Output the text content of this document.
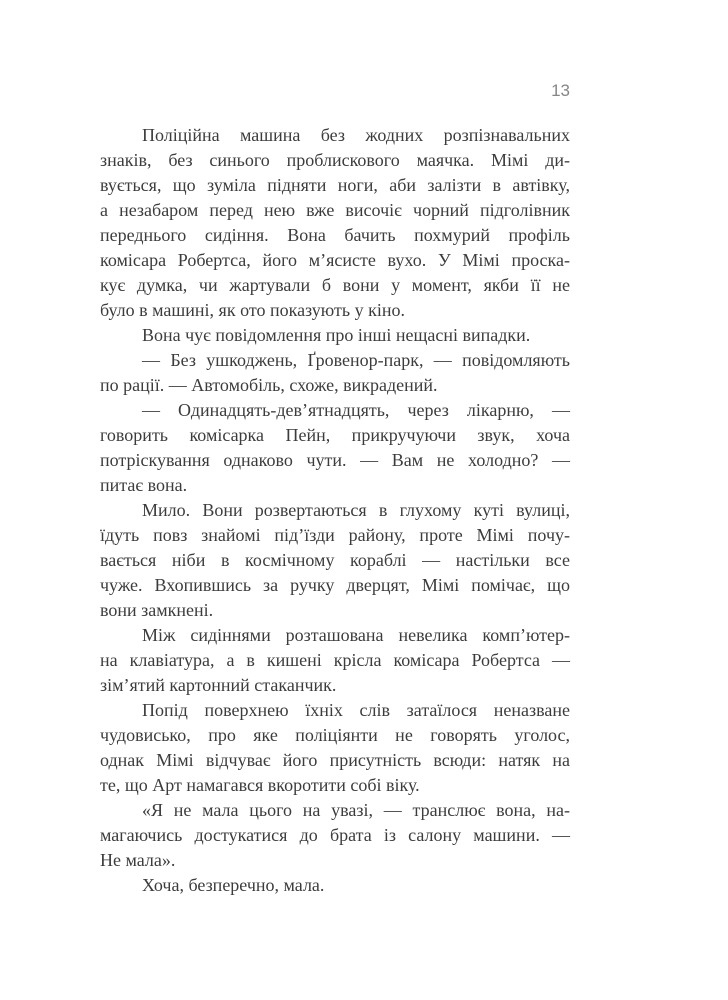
13

Поліційна машина без жодних розпізнавальних
знаків, без синього проблискового маячка. Мімі ди-
вується, що зуміла підняти ноги, аби залізти в автівку,
а незабаром перед нею вже височіє чорний підголівник
переднього сидіння. Вона бачить похмурий профіль
комісара Робертса, його м’ясисте вухо. У Мімі проска-
кує думка, чи жартували б вони у момент, якби її не
було в машині, як ото показують у кіно.

Вона чує повідомлення про інші нещасні випадки.

— Без ушкоджень, Ґровенор-парк, — повідомляють
по рації. — Автомобіль, схоже, викрадений.

— Одинадцять-дев’ятнадцять, через лікарню, —
говорить комісарка Пейн, прикручуючи звук, хоча
потріскування однаково чути. — Вам не холодно? —
питає вона.

Мило. Вони розвертаються в глухому куті вулиці,
їдуть повз знайомі під’їзди району, проте Мімі почу-
вається ніби в космічному кораблі — настільки все
чуже. Вхопившись за ручку дверцят, Мімі помічає, що
вони замкнені.

Між сидіннями розташована невелика комп’ютер-
на клавіатура, а в кишені крісла комісара Робертса —
зім’ятий картонний стаканчик.

Попід поверхнею їхніх слів затаїлося неназване
чудовисько, про яке поліціянти не говорять уголос,
однак Мімі відчуває його присутність всюди: натяк на
те, що Арт намагався вкоротити собі віку.

«Я не мала цього на увазі, — транслює вона, на-
магаючись достукатися до брата із салону машини. —
Не мала».

Хоча, безперечно, мала.
